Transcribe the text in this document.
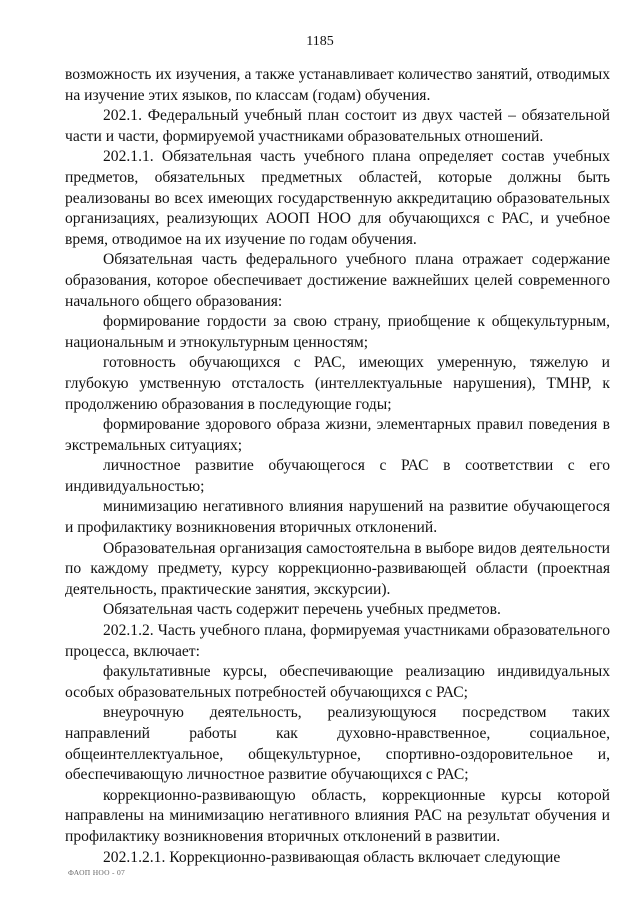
1185

возможность их изучения, а также устанавливает количество занятий, отводимых на изучение этих языков, по классам (годам) обучения.

202.1. Федеральный учебный план состоит из двух частей – обязательной части и части, формируемой участниками образовательных отношений.

202.1.1. Обязательная часть учебного плана определяет состав учебных предметов, обязательных предметных областей, которые должны быть реализованы во всех имеющих государственную аккредитацию образовательных организациях, реализующих АООП НОО для обучающихся с РАС, и учебное время, отводимое на их изучение по годам обучения.

Обязательная часть федерального учебного плана отражает содержание образования, которое обеспечивает достижение важнейших целей современного начального общего образования:

формирование гордости за свою страну, приобщение к общекультурным, национальным и этнокультурным ценностям;

готовность обучающихся с РАС, имеющих умеренную, тяжелую и глубокую умственную отсталость (интеллектуальные нарушения), ТМНР, к продолжению образования в последующие годы;

формирование здорового образа жизни, элементарных правил поведения в экстремальных ситуациях;

личностное развитие обучающегося с РАС в соответствии с его индивидуальностью;

минимизацию негативного влияния нарушений на развитие обучающегося и профилактику возникновения вторичных отклонений.

Образовательная организация самостоятельна в выборе видов деятельности по каждому предмету, курсу коррекционно-развивающей области (проектная деятельность, практические занятия, экскурсии).

Обязательная часть содержит перечень учебных предметов.

202.1.2. Часть учебного плана, формируемая участниками образовательного процесса, включает:

факультативные курсы, обеспечивающие реализацию индивидуальных особых образовательных потребностей обучающихся с РАС;

внеурочную деятельность, реализующуюся посредством таких направлений работы как духовно-нравственное, социальное, общеинтеллектуальное, общекультурное, спортивно-оздоровительное и, обеспечивающую личностное развитие обучающихся с РАС;

коррекционно-развивающую область, коррекционные курсы которой направлены на минимизацию негативного влияния РАС на результат обучения и профилактику возникновения вторичных отклонений в развитии.

202.1.2.1. Коррекционно-развивающая область включает следующие

ФАОП НОО - 07
